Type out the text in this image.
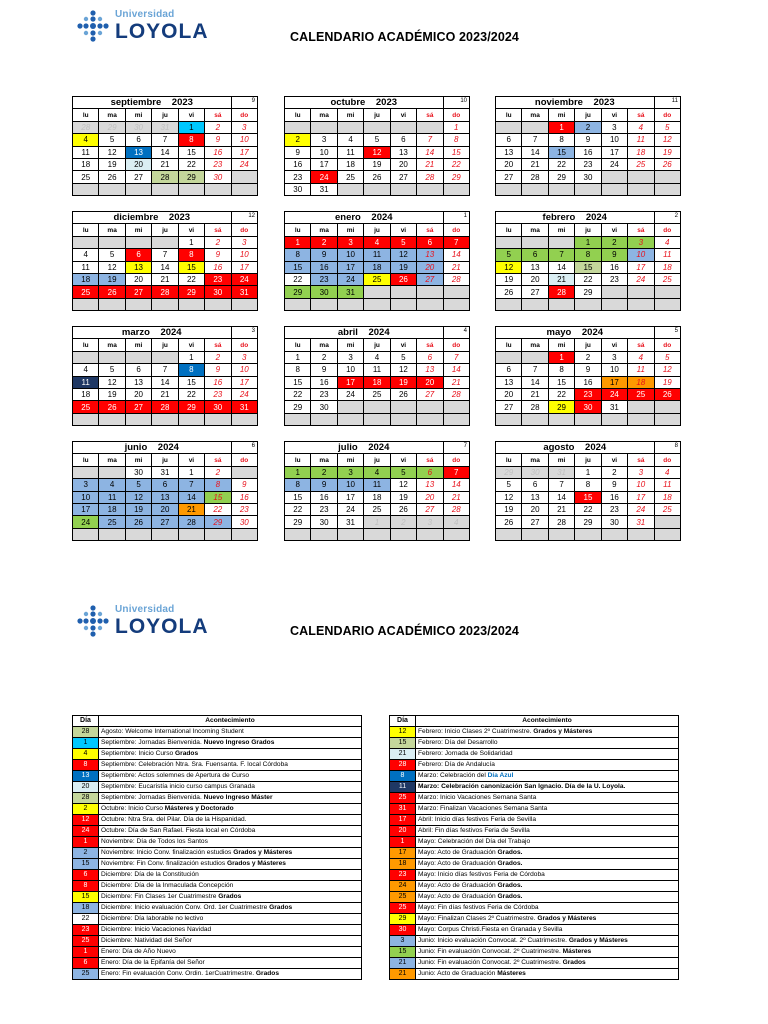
Universidad
LOYOLA	CALENDARIO ACADÉMICO 2023/2024
septiembre    2023						9
lu	ma	mi	ju	vi	sá	do
28	29	30	31	1	2	3
4	5	6	7	8	9	10
11	12	13	14	15	16	17
18	19	20	21	22	23	24
25	26	27	28	29	30	

octubre    2023						10
lu	ma	mi	ju	vi	sá	do
						1
2	3	4	5	6	7	8
9	10	11	12	13	14	15
16	17	18	19	20	21	22
23	24	25	26	27	28	29
30	31					
noviembre    2023						11
lu	ma	mi	ju	vi	sá	do
		1	2	3	4	5
6	7	8	9	10	11	12
13	14	15	16	17	18	19
20	21	22	23	24	25	26
27	28	29	30			

diciembre    2023						12
lu	ma	mi	ju	vi	sá	do
				1	2	3
4	5	6	7	8	9	10
11	12	13	14	15	16	17
18	19	20	21	22	23	24
25	26	27	28	29	30	31

enero    2024						1
lu	ma	mi	ju	vi	sá	do
1	2	3	4	5	6	7
8	9	10	11	12	13	14
15	16	17	18	19	20	21
22	23	24	25	26	27	28
29	30	31				

febrero    2024						2
lu	ma	mi	ju	vi	sá	do
			1	2	3	4
5	6	7	8	9	10	11
12	13	14	15	16	17	18
19	20	21	22	23	24	25
26	27	28	29			

marzo    2024						3
lu	ma	mi	ju	vi	sá	do
				1	2	3
4	5	6	7	8	9	10
11	12	13	14	15	16	17
18	19	20	21	22	23	24
25	26	27	28	29	30	31

abril    2024						4
lu	ma	mi	ju	vi	sá	do
1	2	3	4	5	6	7
8	9	10	11	12	13	14
15	16	17	18	19	20	21
22	23	24	25	26	27	28
29	30					

mayo    2024						5
lu	ma	mi	ju	vi	sá	do
		1	2	3	4	5
6	7	8	9	10	11	12
13	14	15	16	17	18	19
20	21	22	23	24	25	26
27	28	29	30	31		

junio    2024						6
lu	ma	mi	ju	vi	sá	do
		30	31	1	2	
3	4	5	6	7	8	9
10	11	12	13	14	15	16
17	18	19	20	21	22	23
24	25	26	27	28	29	30

julio    2024						7
lu	ma	mi	ju	vi	sá	do
1	2	3	4	5	6	7
8	9	10	11	12	13	14
15	16	17	18	19	20	21
22	23	24	25	26	27	28
29	30	31	1	2	3	4

agosto    2024						8
lu	ma	mi	ju	vi	sá	do
29	30	31	1	2	3	4
5	6	7	8	9	10	11
12	13	14	15	16	17	18
19	20	21	22	23	24	25
26	27	28	29	30	31	

Universidad
LOYOLA	CALENDARIO ACADÉMICO 2023/2024
Día	Acontecimiento
28	Agosto: Welcome International Incoming Student
1	Septiembre: Jornadas Bienvenida. Nuevo Ingreso Grados
4	Septiembre: Inicio Curso Grados
8	Septiembre: Celebración Ntra. Sra. Fuensanta. F. local Córdoba
13	Septiembre: Actos solemnes de Apertura de Curso
20	Septiembre: Eucaristía inicio curso campus Granada
28	Septiembre: Jornadas Bienvenida. Nuevo Ingreso Máster
2	Octubre: Inicio Curso Másteres y Doctorado
12	Octubre: Ntra Sra. del Pilar. Día de la Hispanidad.
24	Octubre: Día de San Rafael. Fiesta local en Córdoba
1	Noviembre: Día de Todos los Santos
2	Noviembre: Inicio Conv. finalización estudios Grados y Másteres
15	Noviembre: Fin Conv. finalización estudios Grados y Másteres
6	Diciembre: Día de la Constitución
8	Diciembre: Día de la Inmaculada Concepción
15	Diciembre: Fin Clases 1er Cuatrimestre Grados
18	Diciembre: Inicio evaluación Conv. Ord. 1er Cuatrimestre Grados
22	Diciembre: Día laborable no lectivo
23	Diciembre: Inicio Vacaciones Navidad
25	Diciembre: Natividad del Señor
1	Enero: Día de Año Nuevo
6	Enero: Día de la Epifanía del Señor
25	Enero: Fin evaluación Conv. Ordin. 1erCuatrimestre. Grados
Día	Acontecimiento
12	Febrero: Inicio Clases 2º Cuatrimestre. Grados y Másteres
15	Febrero: Día del Desarrollo
21	Febrero: Jornada de Solidaridad
28	Febrero: Día de Andalucía
8	Marzo: Celebración del Día Azul
11	Marzo: Celebración canonización San Ignacio. Día de la U. Loyola.
25	Marzo: Inicio Vacaciones Semana Santa
31	Marzo: Finalizan Vacaciones Semana Santa
17	Abril: Inicio días festivos Feria de Sevilla
20	Abril: Fin días festivos Feria de Sevilla
1	Mayo: Celebración del Día del Trabajo
17	Mayo: Acto de Graduación Grados.
18	Mayo: Acto de Graduación Grados.
23	Mayo: Inicio días festivos Feria de Córdoba
24	Mayo: Acto de Graduación Grados.
25	Mayo: Acto de Graduación Grados.
25	Mayo: Fin días festivos Feria de Córdoba
29	Mayo: Finalizan Clases 2º Cuatrimestre. Grados y Másteres
30	Mayo: Corpus Christi.Fiesta en Granada y Sevilla
3	Junio: Inicio evaluación Convocat. 2º Cuatrimestre. Grados y Másteres
15	Junio: Fin evaluación Convocat. 2º Cuatrimestre. Másteres
21	Junio: Fin evaluación Convocat. 2º Cuatrimestre. Grados
21	Junio: Acto de Graduación Másteres
